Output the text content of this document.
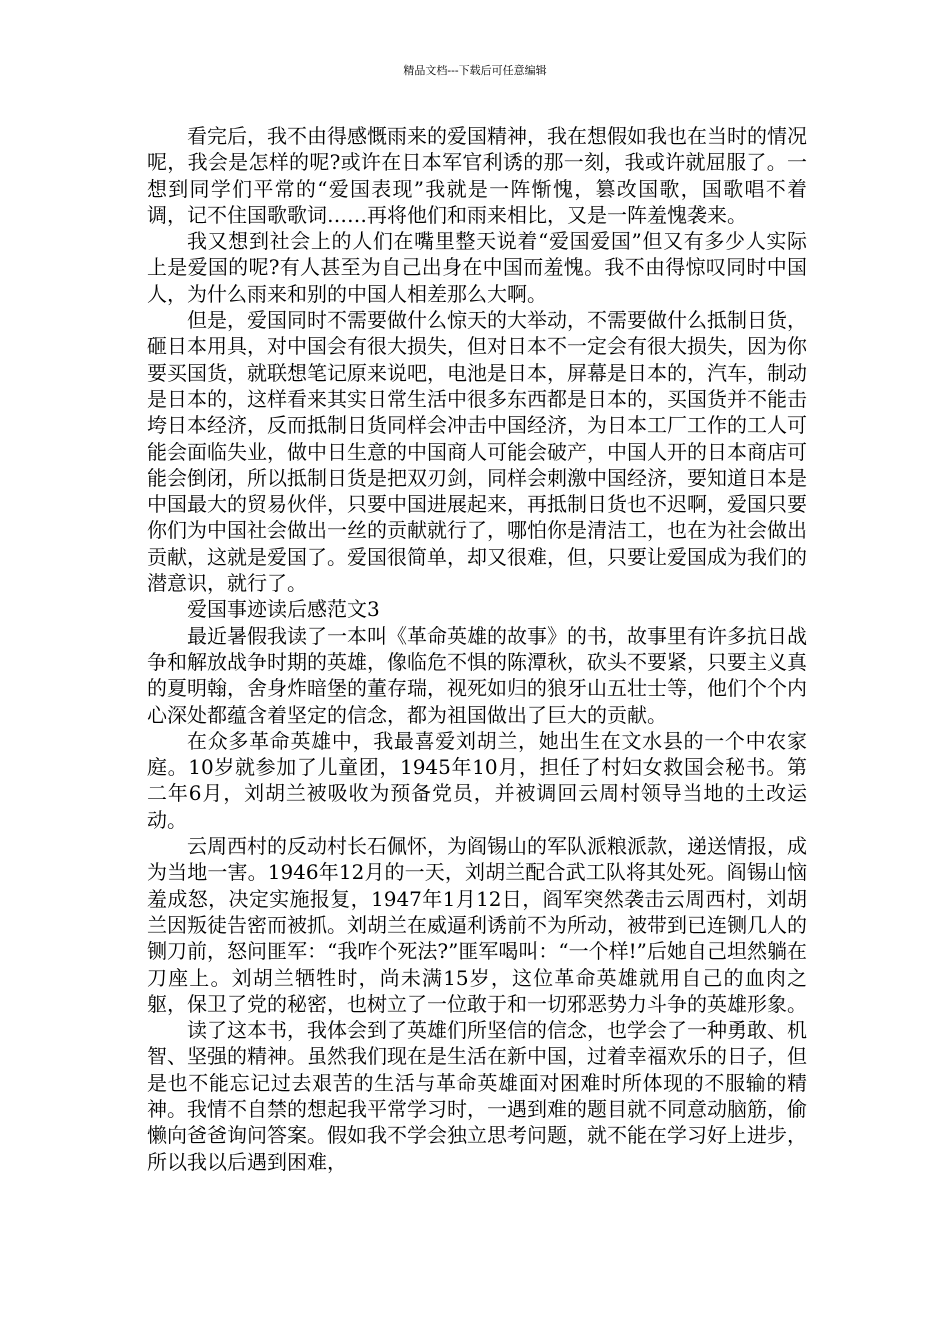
精品文档---下载后可任意编辑

看完后，我不由得感慨雨来的爱国精神，我在想假如我也在当时的情况呢，我会是怎样的呢?或许在日本军官利诱的那一刻，我或许就屈服了。一想到同学们平常的“爱国表现”我就是一阵惭愧，篡改国歌，国歌唱不着调，记不住国歌歌词……再将他们和雨来相比，又是一阵羞愧袭来。

我又想到社会上的人们在嘴里整天说着“爱国爱国”但又有多少人实际上是爱国的呢?有人甚至为自己出身在中国而羞愧。我不由得惊叹同时中国人，为什么雨来和别的中国人相差那么大啊。

但是，爱国同时不需要做什么惊天的大举动，不需要做什么抵制日货，砸日本用具，对中国会有很大损失，但对日本不一定会有很大损失，因为你要买国货，就联想笔记原来说吧，电池是日本，屏幕是日本的，汽车，制动是日本的，这样看来其实日常生活中很多东西都是日本的，买国货并不能击垮日本经济，反而抵制日货同样会冲击中国经济，为日本工厂工作的工人可能会面临失业，做中日生意的中国商人可能会破产，中国人开的日本商店可能会倒闭，所以抵制日货是把双刃剑，同样会刺激中国经济，要知道日本是中国最大的贸易伙伴，只要中国进展起来，再抵制日货也不迟啊，爱国只要你们为中国社会做出一丝的贡献就行了，哪怕你是清洁工，也在为社会做出贡献，这就是爱国了。爱国很简单，却又很难，但，只要让爱国成为我们的潜意识，就行了。

爱国事迹读后感范文3

最近暑假我读了一本叫《革命英雄的故事》的书，故事里有许多抗日战争和解放战争时期的英雄，像临危不惧的陈潭秋，砍头不要紧，只要主义真的夏明翰，舍身炸暗堡的董存瑞，视死如归的狼牙山五壮士等，他们个个内心深处都蕴含着坚定的信念，都为祖国做出了巨大的贡献。

在众多革命英雄中，我最喜爱刘胡兰，她出生在文水县的一个中农家庭。10岁就参加了儿童团，1945年10月，担任了村妇女救国会秘书。第二年6月，刘胡兰被吸收为预备党员，并被调回云周村领导当地的土改运动。

云周西村的反动村长石佩怀，为阎锡山的军队派粮派款，递送情报，成为当地一害。1946年12月的一天，刘胡兰配合武工队将其处死。阎锡山恼羞成怒，决定实施报复，1947年1月12日，阎军突然袭击云周西村，刘胡兰因叛徒告密而被抓。刘胡兰在威逼利诱前不为所动，被带到已连铡几人的铡刀前，怒问匪军：“我咋个死法?”匪军喝叫：“一个样!”后她自己坦然躺在刀座上。刘胡兰牺牲时，尚未满15岁，这位革命英雄就用自己的血肉之躯，保卫了党的秘密，也树立了一位敢于和一切邪恶势力斗争的英雄形象。

读了这本书，我体会到了英雄们所坚信的信念，也学会了一种勇敢、机智、坚强的精神。虽然我们现在是生活在新中国，过着幸福欢乐的日子，但是也不能忘记过去艰苦的生活与革命英雄面对困难时所体现的不服输的精神。我情不自禁的想起我平常学习时，一遇到难的题目就不同意动脑筋，偷懒向爸爸询问答案。假如我不学会独立思考问题，就不能在学习好上进步，所以我以后遇到困难，
